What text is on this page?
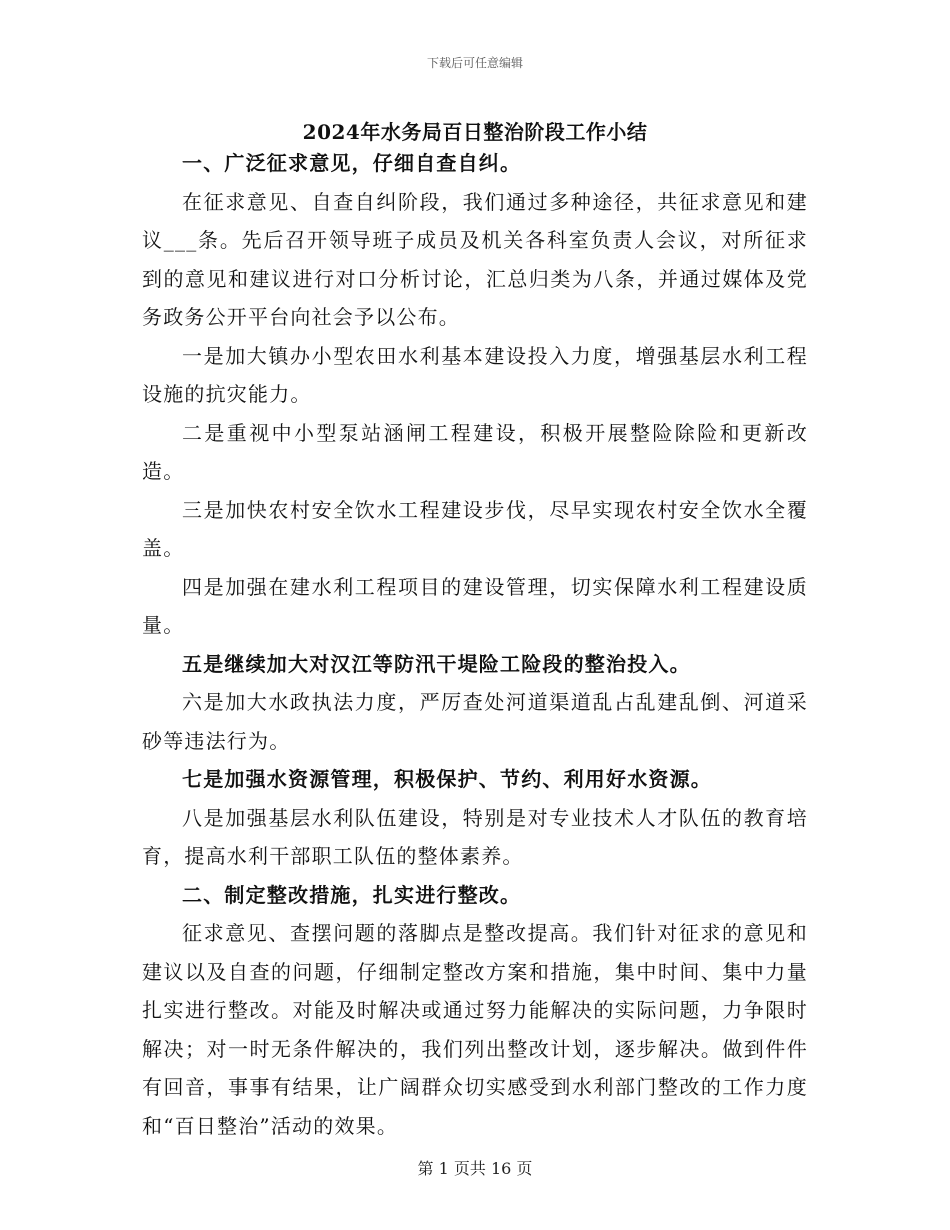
下载后可任意编辑
2024年水务局百日整治阶段工作小结

一、广泛征求意见，仔细自查自纠。

在征求意见、自查自纠阶段，我们通过多种途径，共征求意见和建议___条。先后召开领导班子成员及机关各科室负责人会议，对所征求到的意见和建议进行对口分析讨论，汇总归类为八条，并通过媒体及党务政务公开平台向社会予以公布。

一是加大镇办小型农田水利基本建设投入力度，增强基层水利工程设施的抗灾能力。

二是重视中小型泵站涵闸工程建设，积极开展整险除险和更新改造。

三是加快农村安全饮水工程建设步伐，尽早实现农村安全饮水全覆盖。

四是加强在建水利工程项目的建设管理，切实保障水利工程建设质量。

五是继续加大对汉江等防汛干堤险工险段的整治投入。

六是加大水政执法力度，严厉查处河道渠道乱占乱建乱倒、河道采砂等违法行为。

七是加强水资源管理，积极保护、节约、利用好水资源。

八是加强基层水利队伍建设，特别是对专业技术人才队伍的教育培育，提高水利干部职工队伍的整体素养。

二、制定整改措施，扎实进行整改。

征求意见、查摆问题的落脚点是整改提高。我们针对征求的意见和建议以及自查的问题，仔细制定整改方案和措施，集中时间、集中力量扎实进行整改。对能及时解决或通过努力能解决的实际问题，力争限时解决；对一时无条件解决的，我们列出整改计划，逐步解决。做到件件有回音，事事有结果，让广阔群众切实感受到水利部门整改的工作力度和“百日整治”活动的效果。

第 1 页共 16 页
